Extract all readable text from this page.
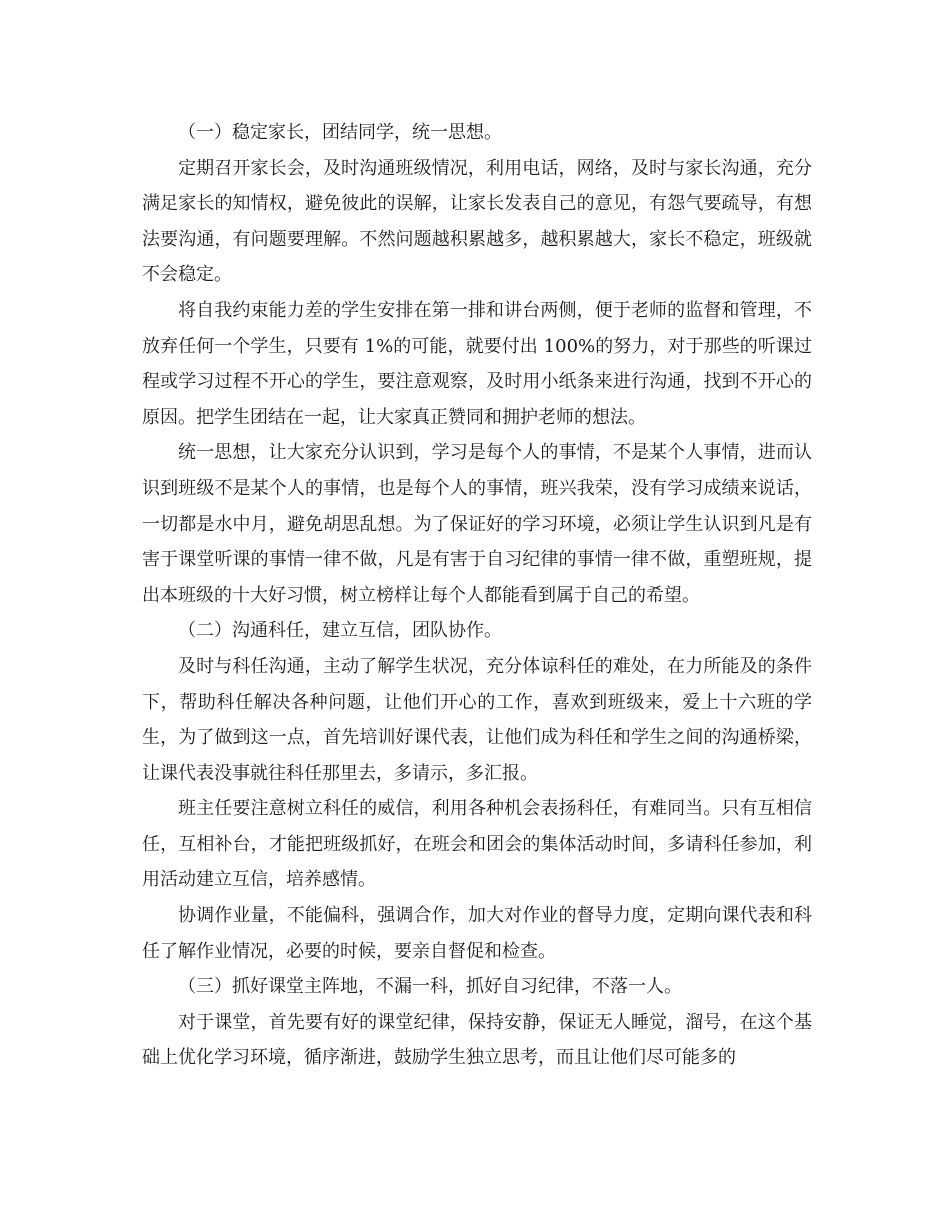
（一）稳定家长，团结同学，统一思想。

定期召开家长会，及时沟通班级情况，利用电话，网络，及时与家长沟通，充分满足家长的知情权，避免彼此的误解，让家长发表自己的意见，有怨气要疏导，有想法要沟通，有问题要理解。不然问题越积累越多，越积累越大，家长不稳定，班级就不会稳定。

将自我约束能力差的学生安排在第一排和讲台两侧，便于老师的监督和管理，不放弃任何一个学生，只要有 1%的可能，就要付出 100%的努力，对于那些的听课过程或学习过程不开心的学生，要注意观察，及时用小纸条来进行沟通，找到不开心的原因。把学生团结在一起，让大家真正赞同和拥护老师的想法。

统一思想，让大家充分认识到，学习是每个人的事情，不是某个人事情，进而认识到班级不是某个人的事情，也是每个人的事情，班兴我荣，没有学习成绩来说话，一切都是水中月，避免胡思乱想。为了保证好的学习环境，必须让学生认识到凡是有害于课堂听课的事情一律不做，凡是有害于自习纪律的事情一律不做，重塑班规，提出本班级的十大好习惯，树立榜样让每个人都能看到属于自己的希望。

（二）沟通科任，建立互信，团队协作。

及时与科任沟通，主动了解学生状况，充分体谅科任的难处，在力所能及的条件下，帮助科任解决各种问题，让他们开心的工作，喜欢到班级来，爱上十六班的学生，为了做到这一点，首先培训好课代表，让他们成为科任和学生之间的沟通桥梁，让课代表没事就往科任那里去，多请示，多汇报。

班主任要注意树立科任的威信，利用各种机会表扬科任，有难同当。只有互相信任，互相补台，才能把班级抓好，在班会和团会的集体活动时间，多请科任参加，利用活动建立互信，培养感情。

协调作业量，不能偏科，强调合作，加大对作业的督导力度，定期向课代表和科任了解作业情况，必要的时候，要亲自督促和检查。

（三）抓好课堂主阵地，不漏一科，抓好自习纪律，不落一人。

对于课堂，首先要有好的课堂纪律，保持安静，保证无人睡觉，溜号，在这个基础上优化学习环境，循序渐进，鼓励学生独立思考，而且让他们尽可能多的
